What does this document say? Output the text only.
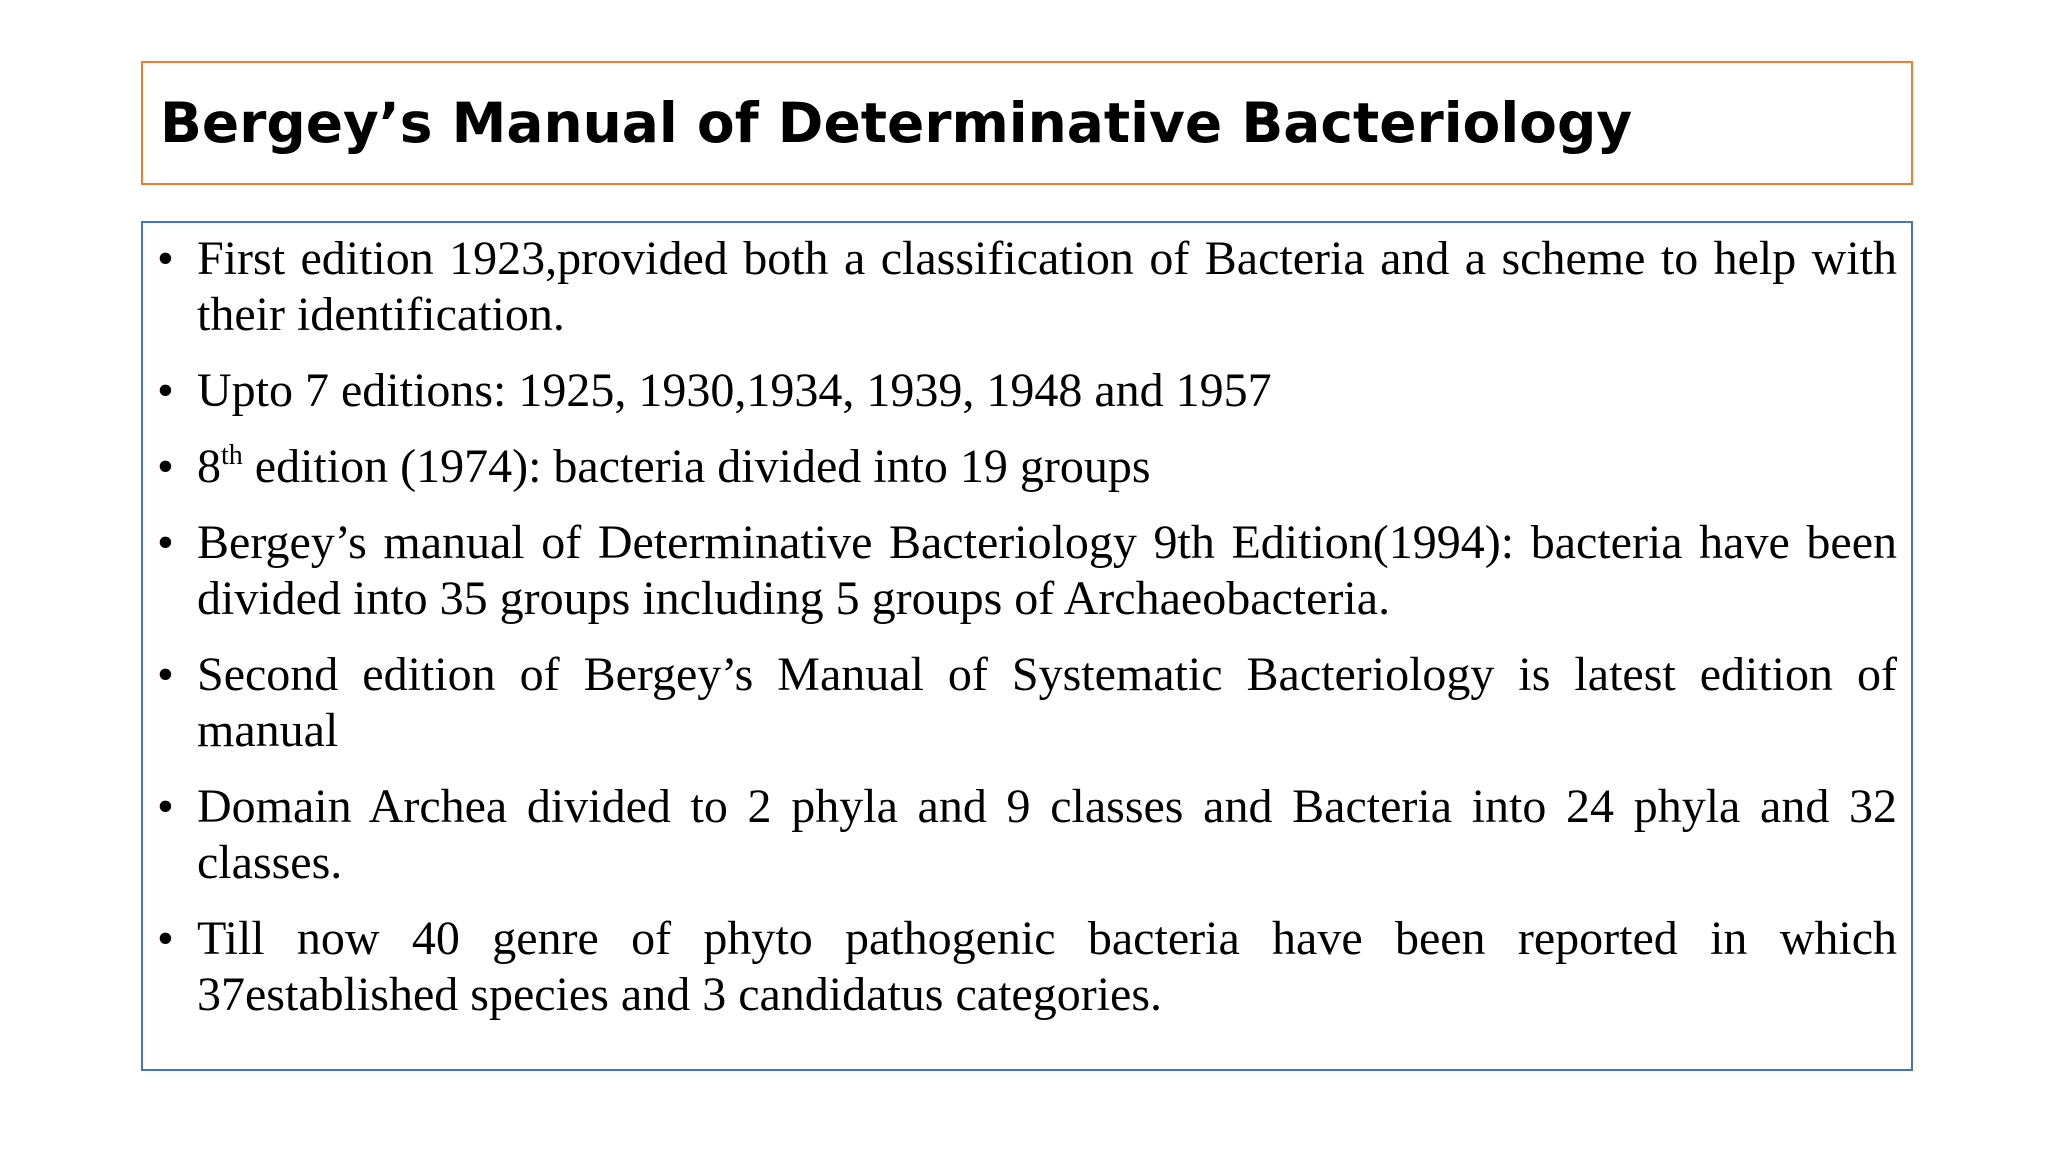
Bergey’s Manual of Determinative Bacteriology
• First edition 1923,provided both a classification of Bacteria and a scheme to help with their identification.
• Upto 7 editions: 1925, 1930,1934, 1939, 1948 and 1957
• 8th edition (1974): bacteria divided into 19 groups
• Bergey’s manual of Determinative Bacteriology 9th Edition(1994): bacteria have been divided into 35 groups including 5 groups of Archaeobacteria.
• Second edition of Bergey’s Manual of Systematic Bacteriology is latest edition of manual
• Domain Archea divided to 2 phyla and 9 classes and Bacteria into 24 phyla and 32 classes.
• Till now 40 genre of phyto pathogenic bacteria have been reported in which 37established species and 3 candidatus categories.
